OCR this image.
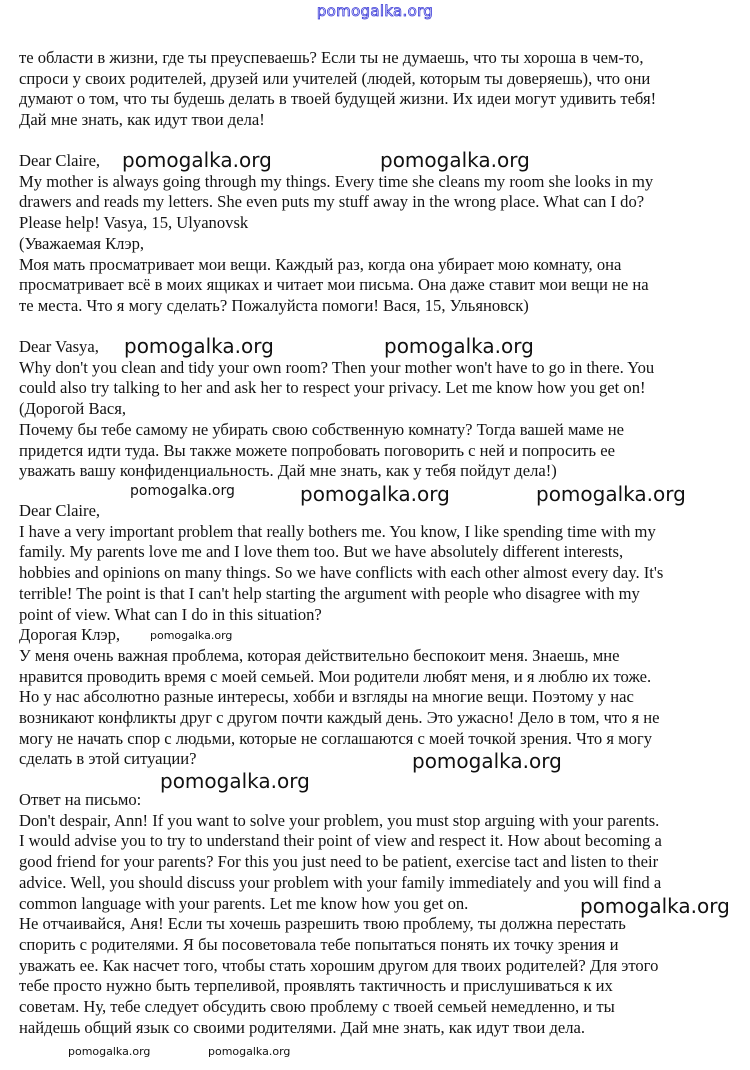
pomogalka.org
те области в жизни, где ты преуспеваешь? Если ты не думаешь, что ты хороша в чем-то,
спроси у своих родителей, друзей или учителей (людей, которым ты доверяешь), что они
думают о том, что ты будешь делать в твоей будущей жизни. Их идеи могут удивить тебя!
Дай мне знать, как идут твои дела!
Dear Claire,
My mother is always going through my things. Every time she cleans my room she looks in my
drawers and reads my letters. She even puts my stuff away in the wrong place. What can I do?
Please help! Vasya, 15, Ulyanovsk
(Уважаемая Клэр,
Моя мать просматривает мои вещи. Каждый раз, когда она убирает мою комнату, она
просматривает всё в моих ящиках и читает мои письма. Она даже ставит мои вещи не на
те места. Что я могу сделать? Пожалуйста помоги! Вася, 15, Ульяновск)
Dear Vasya,
Why don't you clean and tidy your own room? Then your mother won't have to go in there. You
could also try talking to her and ask her to respect your privacy. Let me know how you get on!
(Дорогой Вася,
Почему бы тебе самому не убирать свою собственную комнату? Тогда вашей маме не
придется идти туда. Вы также можете попробовать поговорить с ней и попросить ее
уважать вашу конфиденциальность. Дай мне знать, как у тебя пойдут дела!)
Dear Claire,
I have a very important problem that really bothers me. You know, I like spending time with my
family. My parents love me and I love them too. But we have absolutely different interests,
hobbies and opinions on many things. So we have conflicts with each other almost every day. It's
terrible! The point is that I can't help starting the argument with people who disagree with my
point of view. What can I do in this situation?
Дорогая Клэр,
У меня очень важная проблема, которая действительно беспокоит меня. Знаешь, мне
нравится проводить время с моей семьей. Мои родители любят меня, и я люблю их тоже.
Но у нас абсолютно разные интересы, хобби и взгляды на многие вещи. Поэтому у нас
возникают конфликты друг с другом почти каждый день. Это ужасно! Дело в том, что я не
могу не начать спор с людьми, которые не соглашаются с моей точкой зрения. Что я могу
сделать в этой ситуации?
Ответ на письмо:
Don't despair, Ann! If you want to solve your problem, you must stop arguing with your parents.
I would advise you to try to understand their point of view and respect it. How about becoming a
good friend for your parents? For this you just need to be patient, exercise tact and listen to their
advice. Well, you should discuss your problem with your family immediately and you will find a
common language with your parents. Let me know how you get on.
Не отчаивайся, Аня! Если ты хочешь разрешить твою проблему, ты должна перестать
спорить с родителями. Я бы посоветовала тебе попытаться понять их точку зрения и
уважать ее. Как насчет того, чтобы стать хорошим другом для твоих родителей? Для этого
тебе просто нужно быть терпеливой, проявлять тактичность и прислушиваться к их
советам. Ну, тебе следует обсудить свою проблему с твоей семьей немедленно, и ты
найдешь общий язык со своими родителями. Дай мне знать, как идут твои дела.
pomogalka.org	pomogalka.org
pomogalka.org	pomogalka.org
pomogalka.org	pomogalka.org	pomogalka.org
pomogalka.org
pomogalka.org
pomogalka.org
pomogalka.org
pomogalka.org	pomogalka.org
